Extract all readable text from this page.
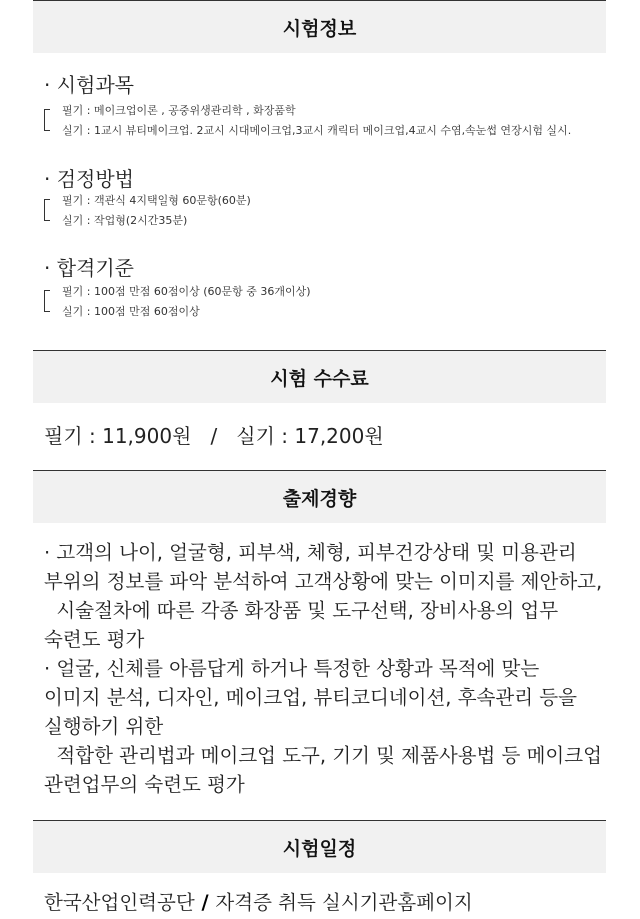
시험정보
· 시험과목
필기 : 메이크업이론 , 공중위생관리학 , 화장품학
실기 : 1교시 뷰티메이크업. 2교시 시대메이크업,3교시 캐릭터 메이크업,4교시 수염,속눈썹 연장시험 실시.
· 검정방법
필기 : 객관식 4지택일형 60문항(60분)
실기 : 작업형(2시간35분)
· 합격기준
필기 : 100점 만점 60점이상 (60문항 중 36개이상)
실기 : 100점 만점 60점이상
시험 수수료
필기 : 11,900원   /   실기 : 17,200원
출제경향
· 고객의 나이, 얼굴형, 피부색, 체형, 피부건강상태 및 미용관리
부위의 정보를 파악 분석하여 고객상황에 맞는 이미지를 제안하고,
시술절차에 따른 각종 화장품 및 도구선택, 장비사용의 업무
숙련도 평가
· 얼굴, 신체를 아름답게 하거나 특정한 상황과 목적에 맞는
이미지 분석, 디자인, 메이크업, 뷰티코디네이션, 후속관리 등을
실행하기 위한
적합한 관리법과 메이크업 도구, 기기 및 제품사용법 등 메이크업
관련업무의 숙련도 평가
시험일정
한국산업인력공단 / 자격증 취득 실시기관홈페이지
